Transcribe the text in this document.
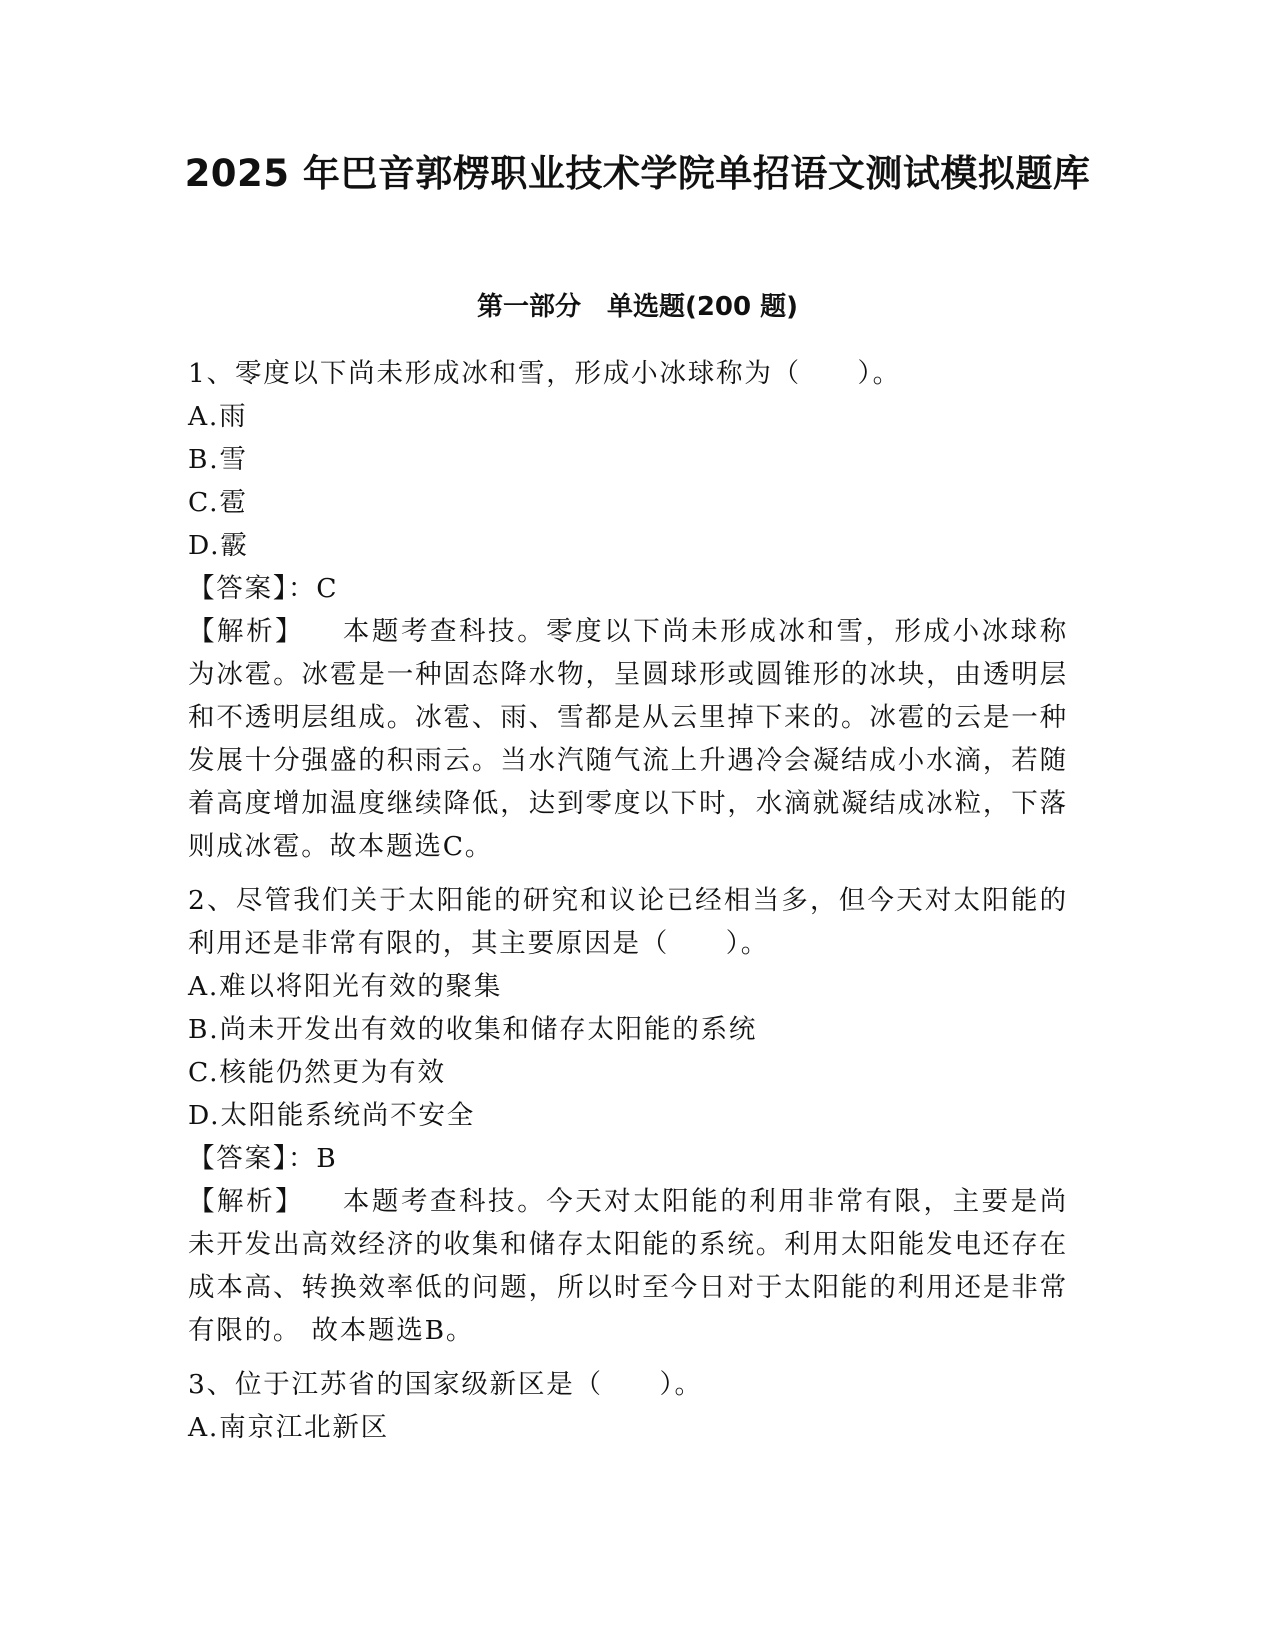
2025 年巴音郭楞职业技术学院单招语文测试模拟题库
第一部分　单选题(200 题)
1、零度以下尚未形成冰和雪，形成小冰球称为（　　）。
A.雨
B.雪
C.雹
D.霰
【答案】：C
【解析】 本题考查科技。零度以下尚未形成冰和雪，形成小冰球称为冰雹。冰雹是一种固态降水物，呈圆球形或圆锥形的冰块，由透明层和不透明层组成。冰雹、雨、雪都是从云里掉下来的。冰雹的云是一种发展十分强盛的积雨云。当水汽随气流上升遇冷会凝结成小水滴，若随着高度增加温度继续降低，达到零度以下时，水滴就凝结成冰粒，下落则成冰雹。故本题选C。
2、尽管我们关于太阳能的研究和议论已经相当多，但今天对太阳能的利用还是非常有限的，其主要原因是（　　）。
A.难以将阳光有效的聚集
B.尚未开发出有效的收集和储存太阳能的系统
C.核能仍然更为有效
D.太阳能系统尚不安全
【答案】：B
【解析】 本题考查科技。今天对太阳能的利用非常有限，主要是尚未开发出高效经济的收集和储存太阳能的系统。利用太阳能发电还存在成本高、转换效率低的问题，所以时至今日对于太阳能的利用还是非常有限的。 故本题选B。
3、位于江苏省的国家级新区是（　　）。
A.南京江北新区
